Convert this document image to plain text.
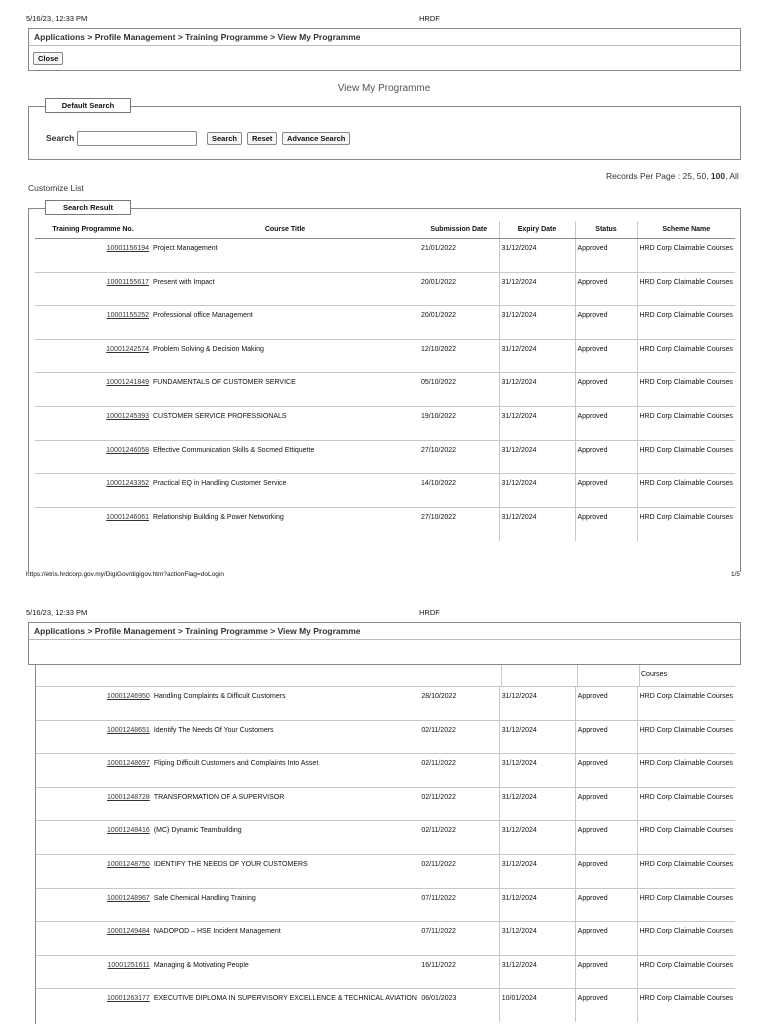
5/16/23, 12:33 PM	HRDF
Applications > Profile Management > Training Programme > View My Programme
Close
View My Programme
Default Search
Search	Search	Reset	Advance Search
Records Per Page : 25, 50, 100, All
Customize List
Search Result
Training Programme No.	Course Title	Submission Date	Expiry Date	Status	Scheme Name
10001156194	Project Management	21/01/2022	31/12/2024	Approved	HRD Corp Claimable Courses
10001155617	Present with Impact	20/01/2022	31/12/2024	Approved	HRD Corp Claimable Courses
10001155252	Professional office Management	20/01/2022	31/12/2024	Approved	HRD Corp Claimable Courses
10001242574	Problem Solving & Decision Making	12/10/2022	31/12/2024	Approved	HRD Corp Claimable Courses
10001241849	FUNDAMENTALS OF CUSTOMER SERVICE	05/10/2022	31/12/2024	Approved	HRD Corp Claimable Courses
10001245393	CUSTOMER SERVICE PROFESSIONALS	19/10/2022	31/12/2024	Approved	HRD Corp Claimable Courses
10001246058	Effective Communication Skills & Socmed Ettiquette	27/10/2022	31/12/2024	Approved	HRD Corp Claimable Courses
10001243352	Practical EQ in Handling Customer Service	14/10/2022	31/12/2024	Approved	HRD Corp Claimable Courses
10001246061	Relationship Building & Power Networking	27/10/2022	31/12/2024	Approved	HRD Corp Claimable Courses
https://etris.hrdcorp.gov.my/DigiGov/digigov.htm?actionFlag=doLogin	1/5
5/16/23, 12:33 PM	HRDF
Applications > Profile Management > Training Programme > View My Programme
Courses
10001246950	Handling Complaints & Difficult Customers	28/10/2022	31/12/2024	Approved	HRD Corp Claimable Courses
10001248651	Identify The Needs Of Your Customers	02/11/2022	31/12/2024	Approved	HRD Corp Claimable Courses
10001248697	Fliping Difficult Customers and Complaints Into Asset	02/11/2022	31/12/2024	Approved	HRD Corp Claimable Courses
10001248728	TRANSFORMATION OF A SUPERVISOR	02/11/2022	31/12/2024	Approved	HRD Corp Claimable Courses
10001248416	(MC) Dynamic Teambuilding	02/11/2022	31/12/2024	Approved	HRD Corp Claimable Courses
10001248750	IDENTIFY THE NEEDS OF YOUR CUSTOMERS	02/11/2022	31/12/2024	Approved	HRD Corp Claimable Courses
10001248967	Safe Chemical Handling Training	07/11/2022	31/12/2024	Approved	HRD Corp Claimable Courses
10001249484	NADOPOD – HSE Incident Management	07/11/2022	31/12/2024	Approved	HRD Corp Claimable Courses
10001251611	Managing & Motivating People	16/11/2022	31/12/2024	Approved	HRD Corp Claimable Courses
10001263177	EXECUTIVE DIPLOMA IN SUPERVISORY EXCELLENCE & TECHNICAL AVIATION	06/01/2023	10/01/2024	Approved	HRD Corp Claimable Courses
